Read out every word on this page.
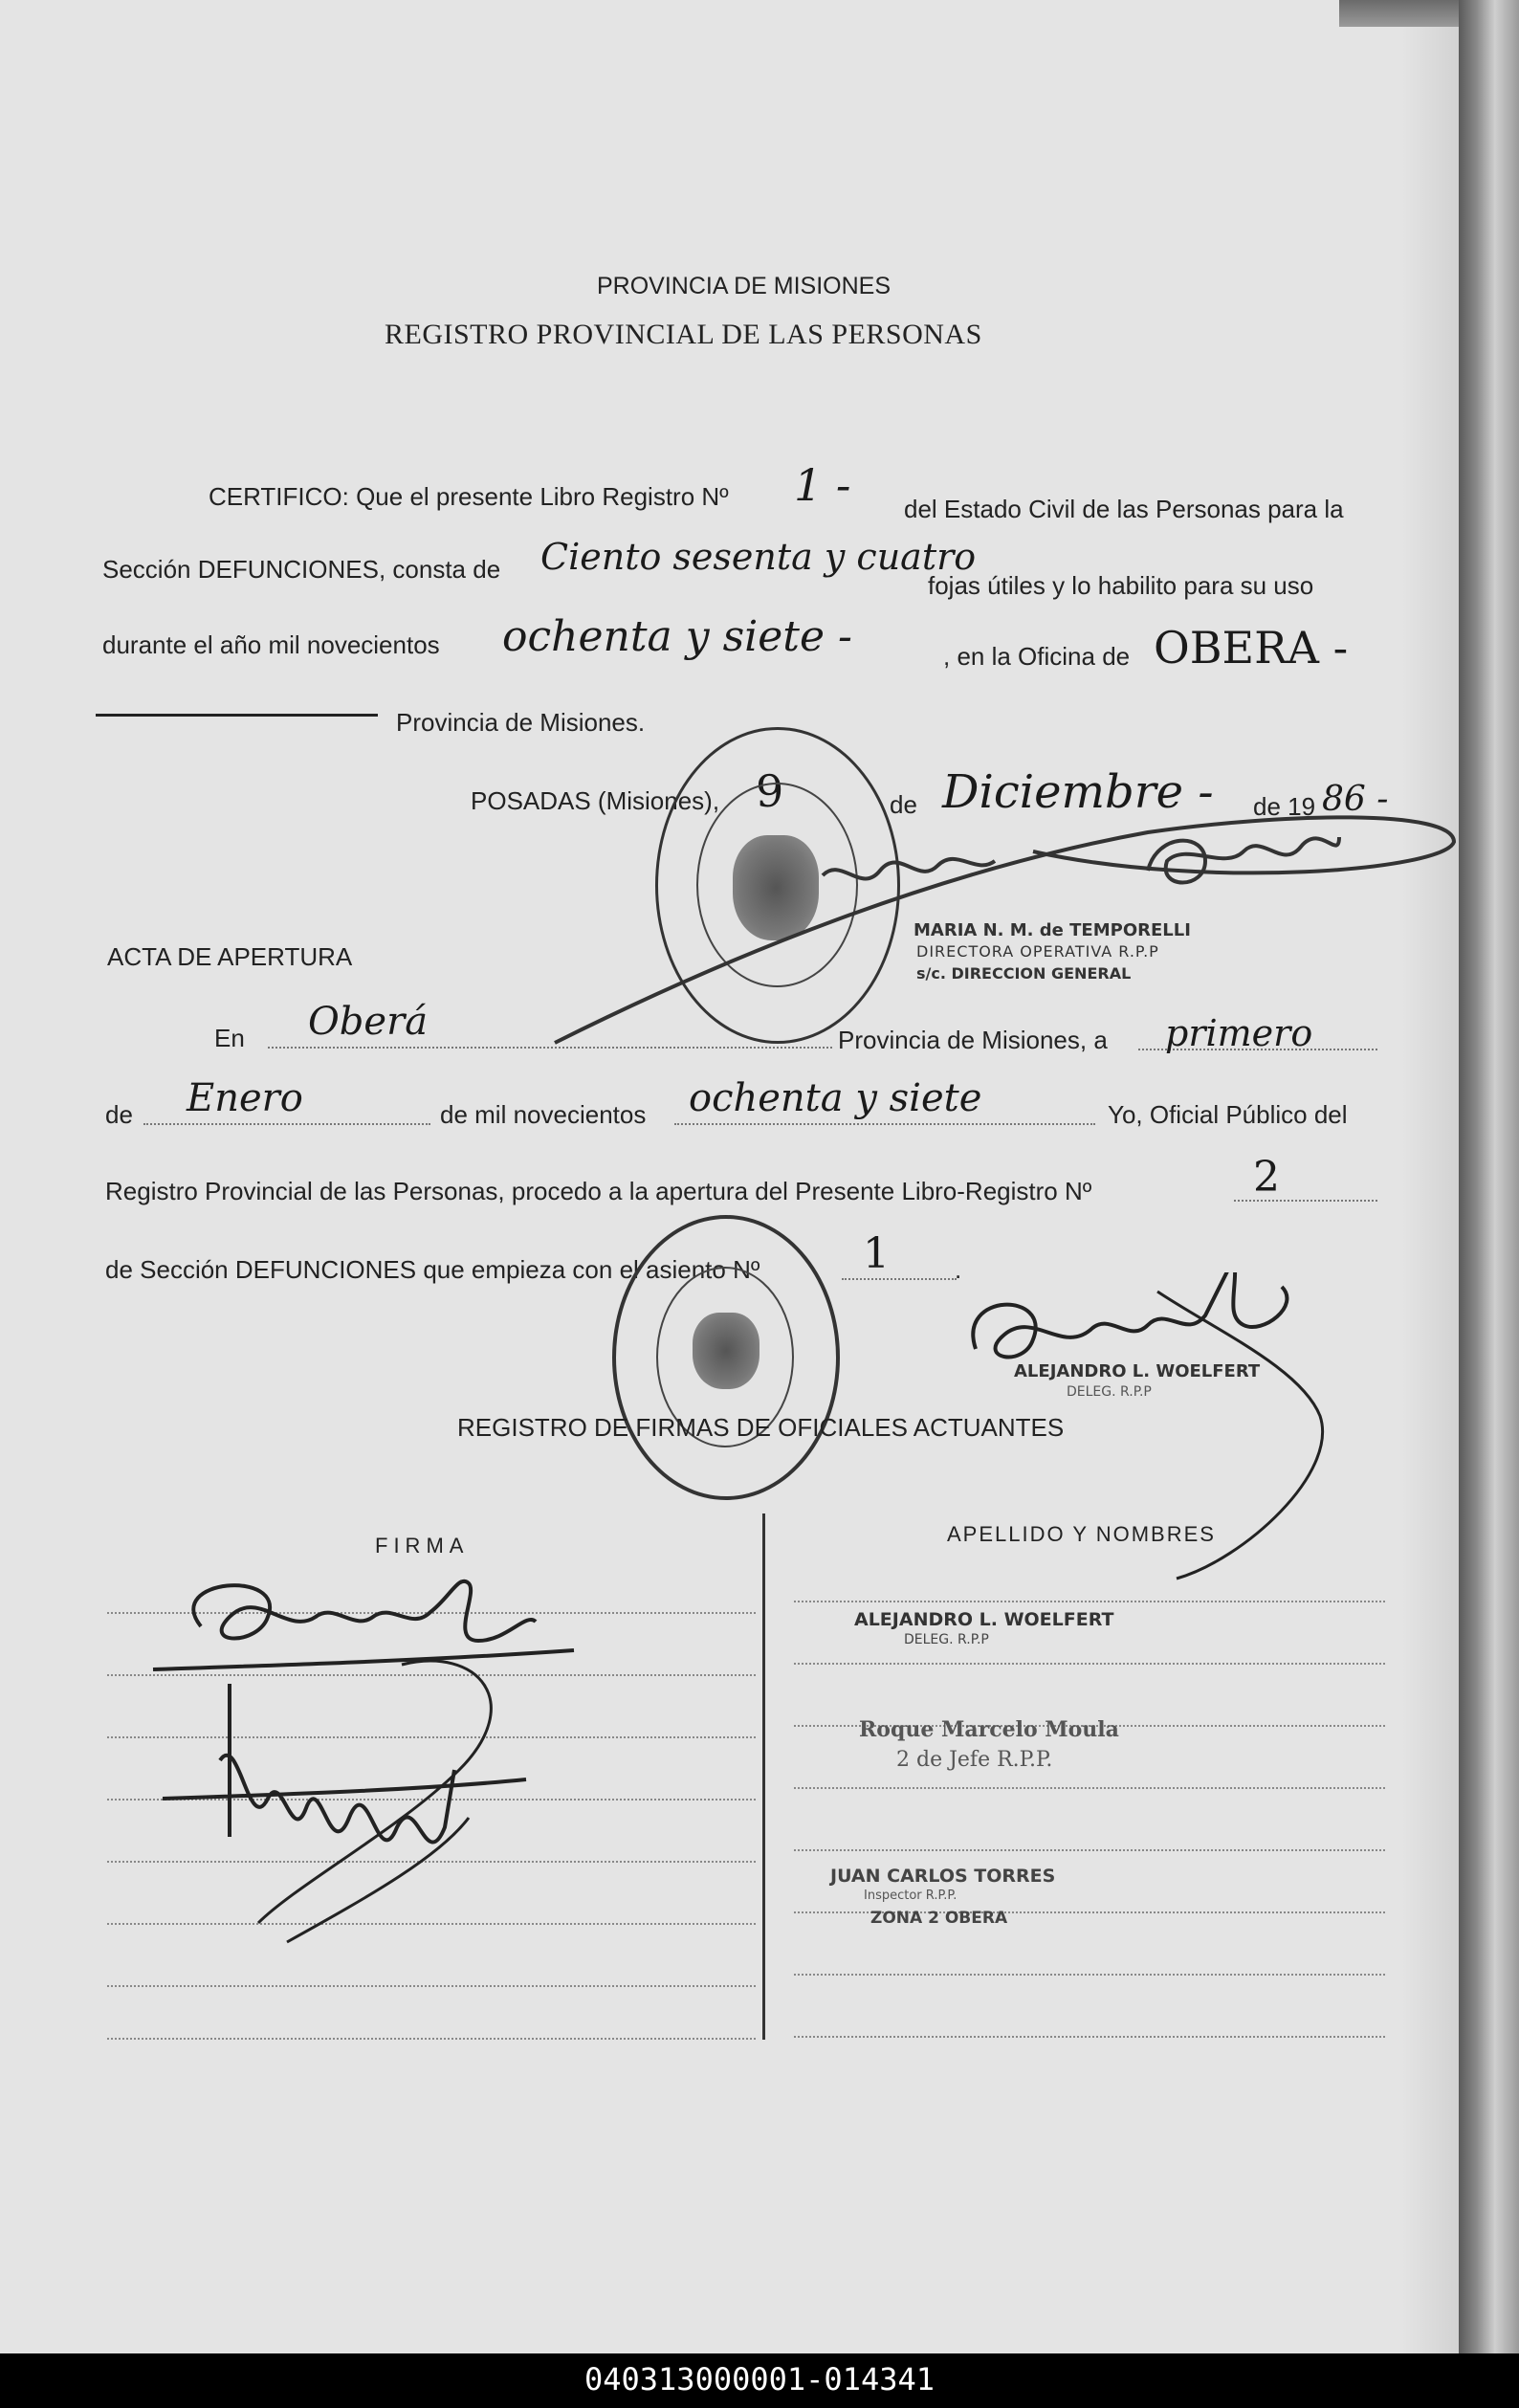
PROVINCIA DE MISIONES
REGISTRO PROVINCIAL DE LAS PERSONAS
CERTIFICO: Que el presente Libro Registro Nº 1 - del Estado Civil de las Personas para la
Sección DEFUNCIONES, consta de Ciento sesenta y cuatro
fojas útiles y lo habilito para su uso
durante el año mil novecientos ochenta y siete -	, en la Oficina de OBERA -
Provincia de Misiones.
POSADAS (Misiones), 9	de Diciembre - de 19 86 -
MARIA N. M. de TEMPORELLI
DIRECTORA OPERATIVA R.P.P
s/c. DIRECCION GENERAL
ACTA DE APERTURA
En Oberá	Provincia de Misiones, a primero
de Enero	de mil novecientos ochenta y siete	Yo, Oficial Público del
Registro Provincial de las Personas, procedo a la apertura del Presente Libro-Registro Nº	2
de Sección DEFUNCIONES que empieza con el asiento Nº 1	.
ALEJANDRO L. WOELFERT
DELEG. R.P.P
REGISTRO DE FIRMAS DE OFICIALES ACTUANTES
FIRMA	APELLIDO Y NOMBRES
ALEJANDRO L. WOELFERT
DELEG. R.P.P
Roque Marcelo Moula
2 de Jefe R.P.P.
JUAN CARLOS TORRES
Inspector R.P.P.
ZONA 2 OBERA
040313000001-014341
